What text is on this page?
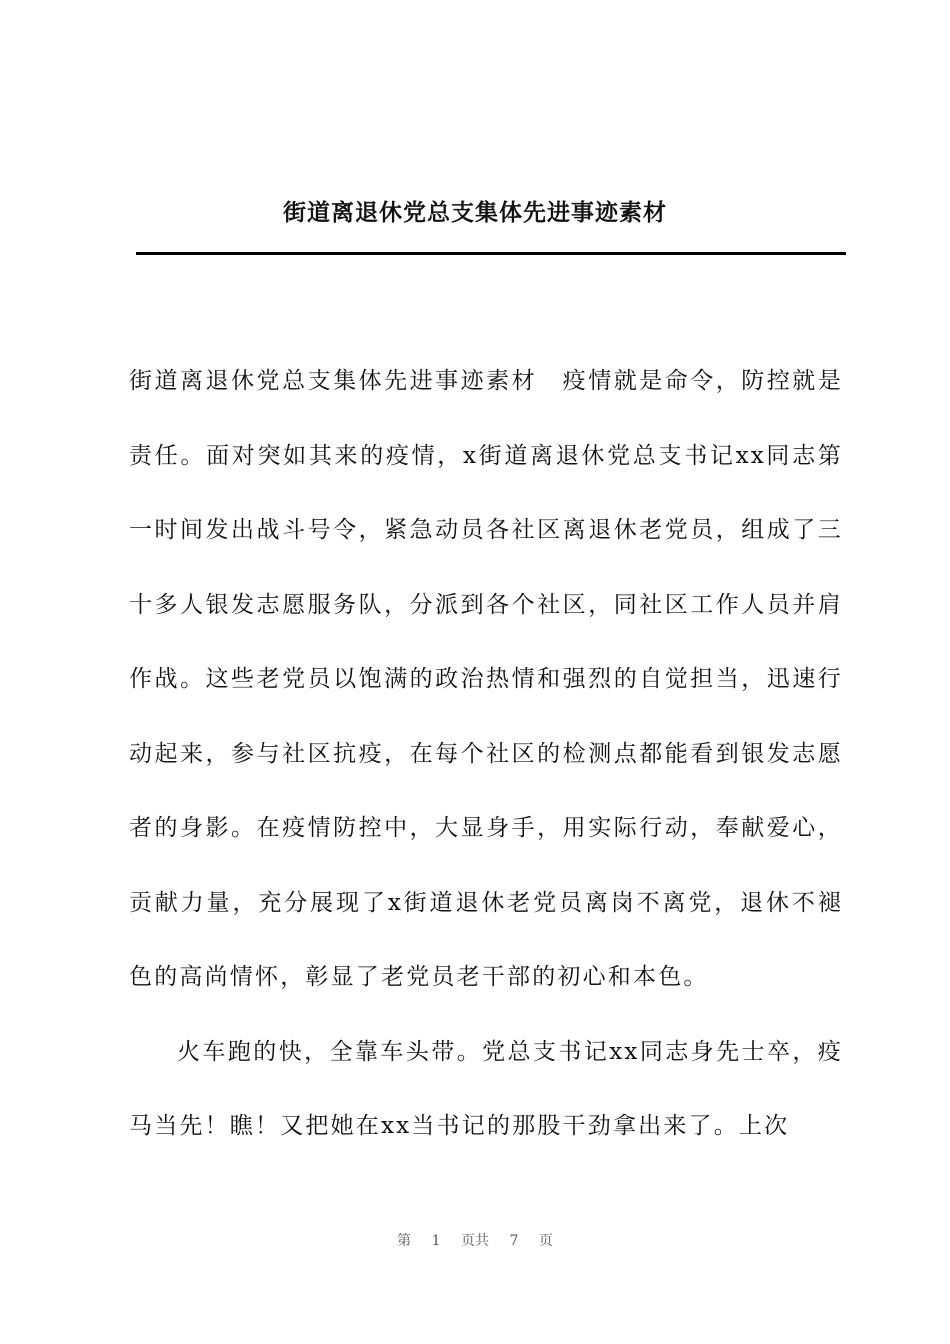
街道离退休党总支集体先进事迹素材

街道离退休党总支集体先进事迹素材　疫情就是命令，防控就是责任。面对突如其来的疫情，x街道离退休党总支书记xx同志第一时间发出战斗号令，紧急动员各社区离退休老党员，组成了三十多人银发志愿服务队，分派到各个社区，同社区工作人员并肩作战。这些老党员以饱满的政治热情和强烈的自觉担当，迅速行动起来，参与社区抗疫，在每个社区的检测点都能看到银发志愿者的身影。在疫情防控中，大显身手，用实际行动，奉献爱心，贡献力量，充分展现了x街道退休老党员离岗不离党，退休不褪色的高尚情怀，彰显了老党员老干部的初心和本色。

火车跑的快，全靠车头带。党总支书记xx同志身先士卒，疫马当先！瞧！又把她在xx当书记的那股干劲拿出来了。上次

第 1 页共 7 页
